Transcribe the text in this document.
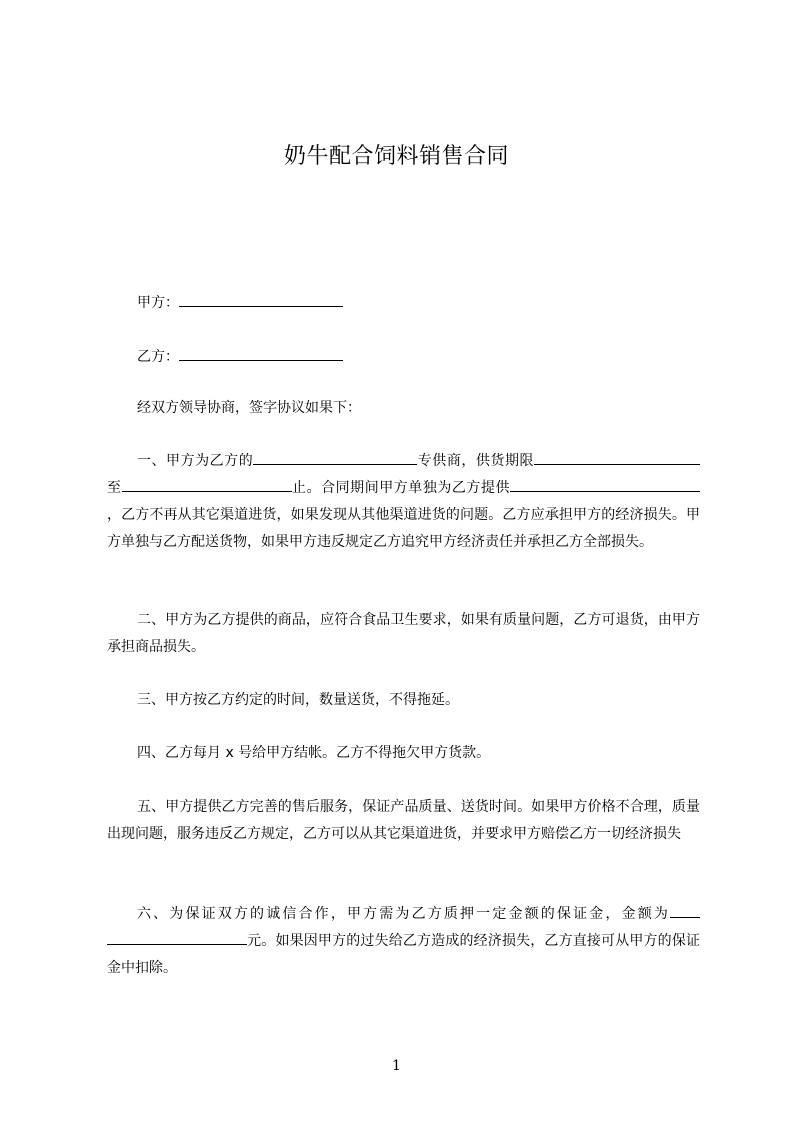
奶牛配合饲料销售合同
甲方：
乙方：
经双方领导协商，签字协议如果下：
一、甲方为乙方的	专供商，供货期限至	止。合同期间甲方单独为乙方提供，乙方不再从其它渠道进货，如果发现从其他渠道进货的问题。乙方应承担甲方的经济损失。甲方单独与乙方配送货物，如果甲方违反规定乙方追究甲方经济责任并承担乙方全部损失。
二、甲方为乙方提供的商品，应符合食品卫生要求，如果有质量问题，乙方可退货，由甲方承担商品损失。
三、甲方按乙方约定的时间，数量送货，不得拖延。
四、乙方每月 x 号给甲方结帐。乙方不得拖欠甲方货款。
五、甲方提供乙方完善的售后服务，保证产品质量、送货时间。如果甲方价格不合理，质量出现问题，服务违反乙方规定，乙方可以从其它渠道进货，并要求甲方赔偿乙方一切经济损失
六、为保证双方的诚信合作，甲方需为乙方质押一定金额的保证金，金额为元。如果因甲方的过失给乙方造成的经济损失，乙方直接可从甲方的保证金中扣除。
1
